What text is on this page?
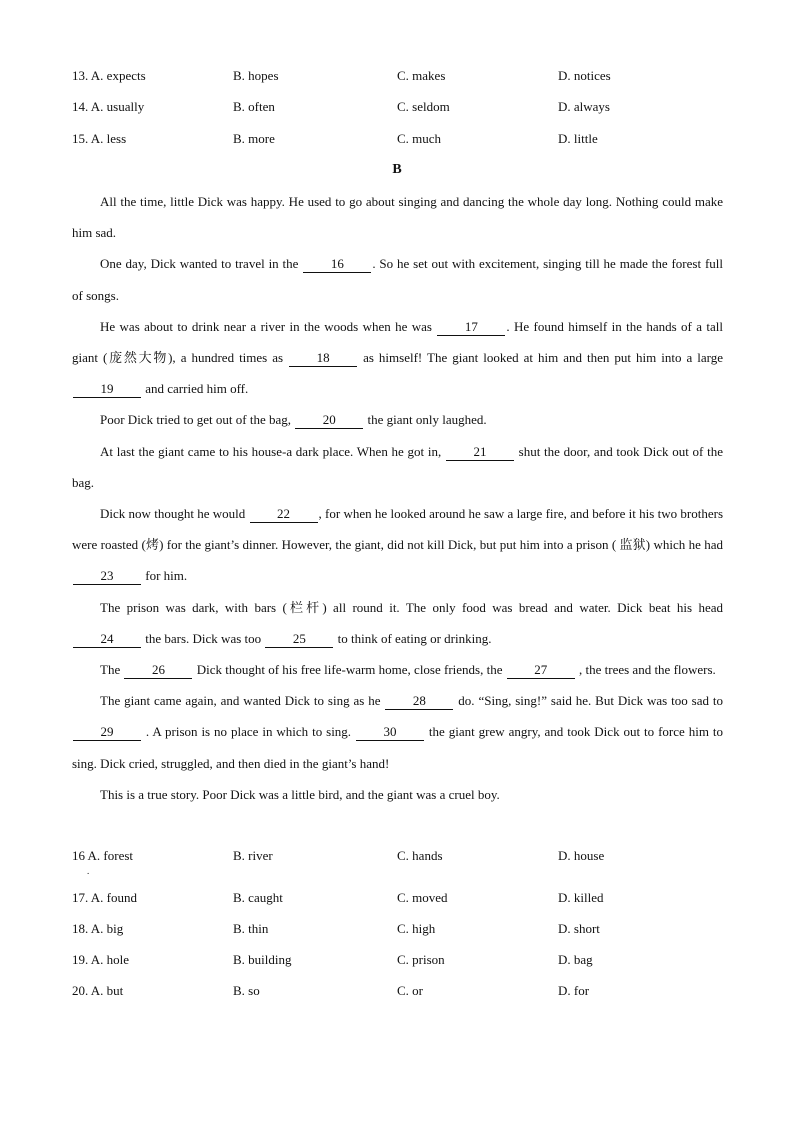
13. A. expects	B. hopes	C. makes	D. notices
14. A. usually	B. often	C. seldom	D. always
15. A. less	B. more	C. much	D. little
B

All the time, little Dick was happy. He used to go about singing and dancing the whole day long. Nothing could make him sad.

One day, Dick wanted to travel in the 16 . So he set out with excitement, singing till he made the forest full of songs.

He was about to drink near a river in the woods when he was 17 . He found himself in the hands of a tall giant (庞然大物), a hundred times as 18 as himself! The giant looked at him and then put him into a large 19 and carried him off.

Poor Dick tried to get out of the bag, 20 the giant only laughed.

At last the giant came to his house-a dark place. When he got in, 21 shut the door, and took Dick out of the bag.

Dick now thought he would 22 , for when he looked around he saw a large fire, and before it his two brothers were roasted (烤) for the giant’s dinner. However, the giant, did not kill Dick, but put him into a prison ( 监狱) which he had 23 for him.

The prison was dark, with bars (栏杆) all round it. The only food was bread and water. Dick beat his head 24 the bars. Dick was too 25 to think of eating or drinking.

The 26 Dick thought of his free life-warm home, close friends, the 27 , the trees and the flowers.

The giant came again, and wanted Dick to sing as he 28 do. “Sing, sing!” said he. But Dick was too sad to 29 . A prison is no place in which to sing. 30 the giant grew angry, and took Dick out to force him to sing. Dick cried, struggled, and then died in the giant’s hand!

This is a true story. Poor Dick was a little bird, and the giant was a cruel boy.

16 A. forest	B. river	C. hands	D. house
.
17. A. found	B. caught	C. moved	D. killed
18. A. big	B. thin	C. high	D. short
19. A. hole	B. building	C. prison	D. bag
20. A. but	B. so	C. or	D. for
